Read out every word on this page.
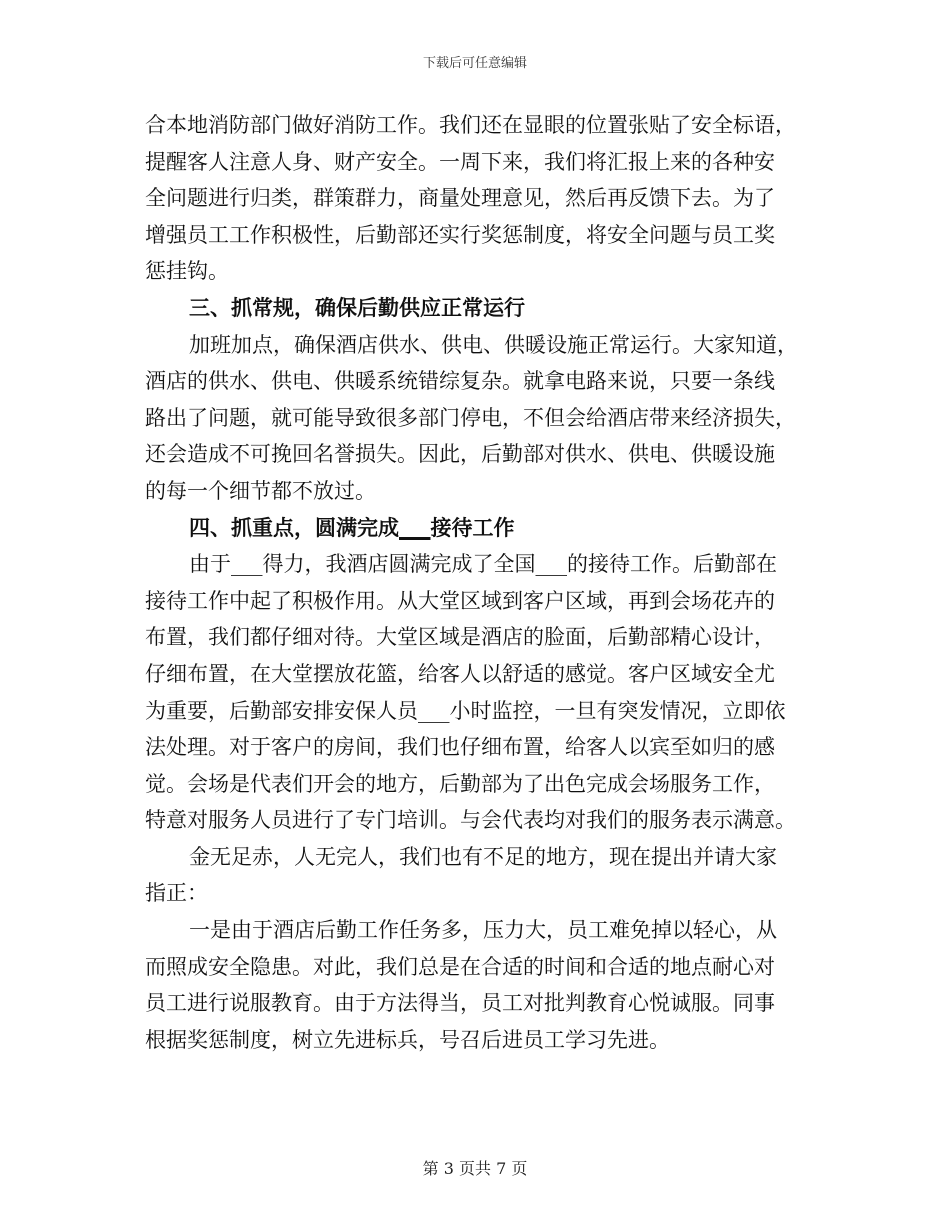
下载后可任意编辑
合本地消防部门做好消防工作。我们还在显眼的位置张贴了安全标语，
提醒客人注意人身、财产安全。一周下来，我们将汇报上来的各种安
全问题进行归类，群策群力，商量处理意见，然后再反馈下去。为了
增强员工工作积极性，后勤部还实行奖惩制度，将安全问题与员工奖
惩挂钩。
三、抓常规，确保后勤供应正常运行
加班加点，确保酒店供水、供电、供暖设施正常运行。大家知道，
酒店的供水、供电、供暖系统错综复杂。就拿电路来说，只要一条线
路出了问题，就可能导致很多部门停电，不但会给酒店带来经济损失，
还会造成不可挽回名誉损失。因此，后勤部对供水、供电、供暖设施
的每一个细节都不放过。
四、抓重点，圆满完成___接待工作
由于___得力，我酒店圆满完成了全国___的接待工作。后勤部在
接待工作中起了积极作用。从大堂区域到客户区域，再到会场花卉的
布置，我们都仔细对待。大堂区域是酒店的脸面，后勤部精心设计，
仔细布置，在大堂摆放花篮，给客人以舒适的感觉。客户区域安全尤
为重要，后勤部安排安保人员___小时监控，一旦有突发情况，立即依
法处理。对于客户的房间，我们也仔细布置，给客人以宾至如归的感
觉。会场是代表们开会的地方，后勤部为了出色完成会场服务工作，
特意对服务人员进行了专门培训。与会代表均对我们的服务表示满意。
金无足赤，人无完人，我们也有不足的地方，现在提出并请大家
指正：
一是由于酒店后勤工作任务多，压力大，员工难免掉以轻心，从
而照成安全隐患。对此，我们总是在合适的时间和合适的地点耐心对
员工进行说服教育。由于方法得当，员工对批判教育心悦诚服。同事
根据奖惩制度，树立先进标兵，号召后进员工学习先进。
第 3 页共 7 页
